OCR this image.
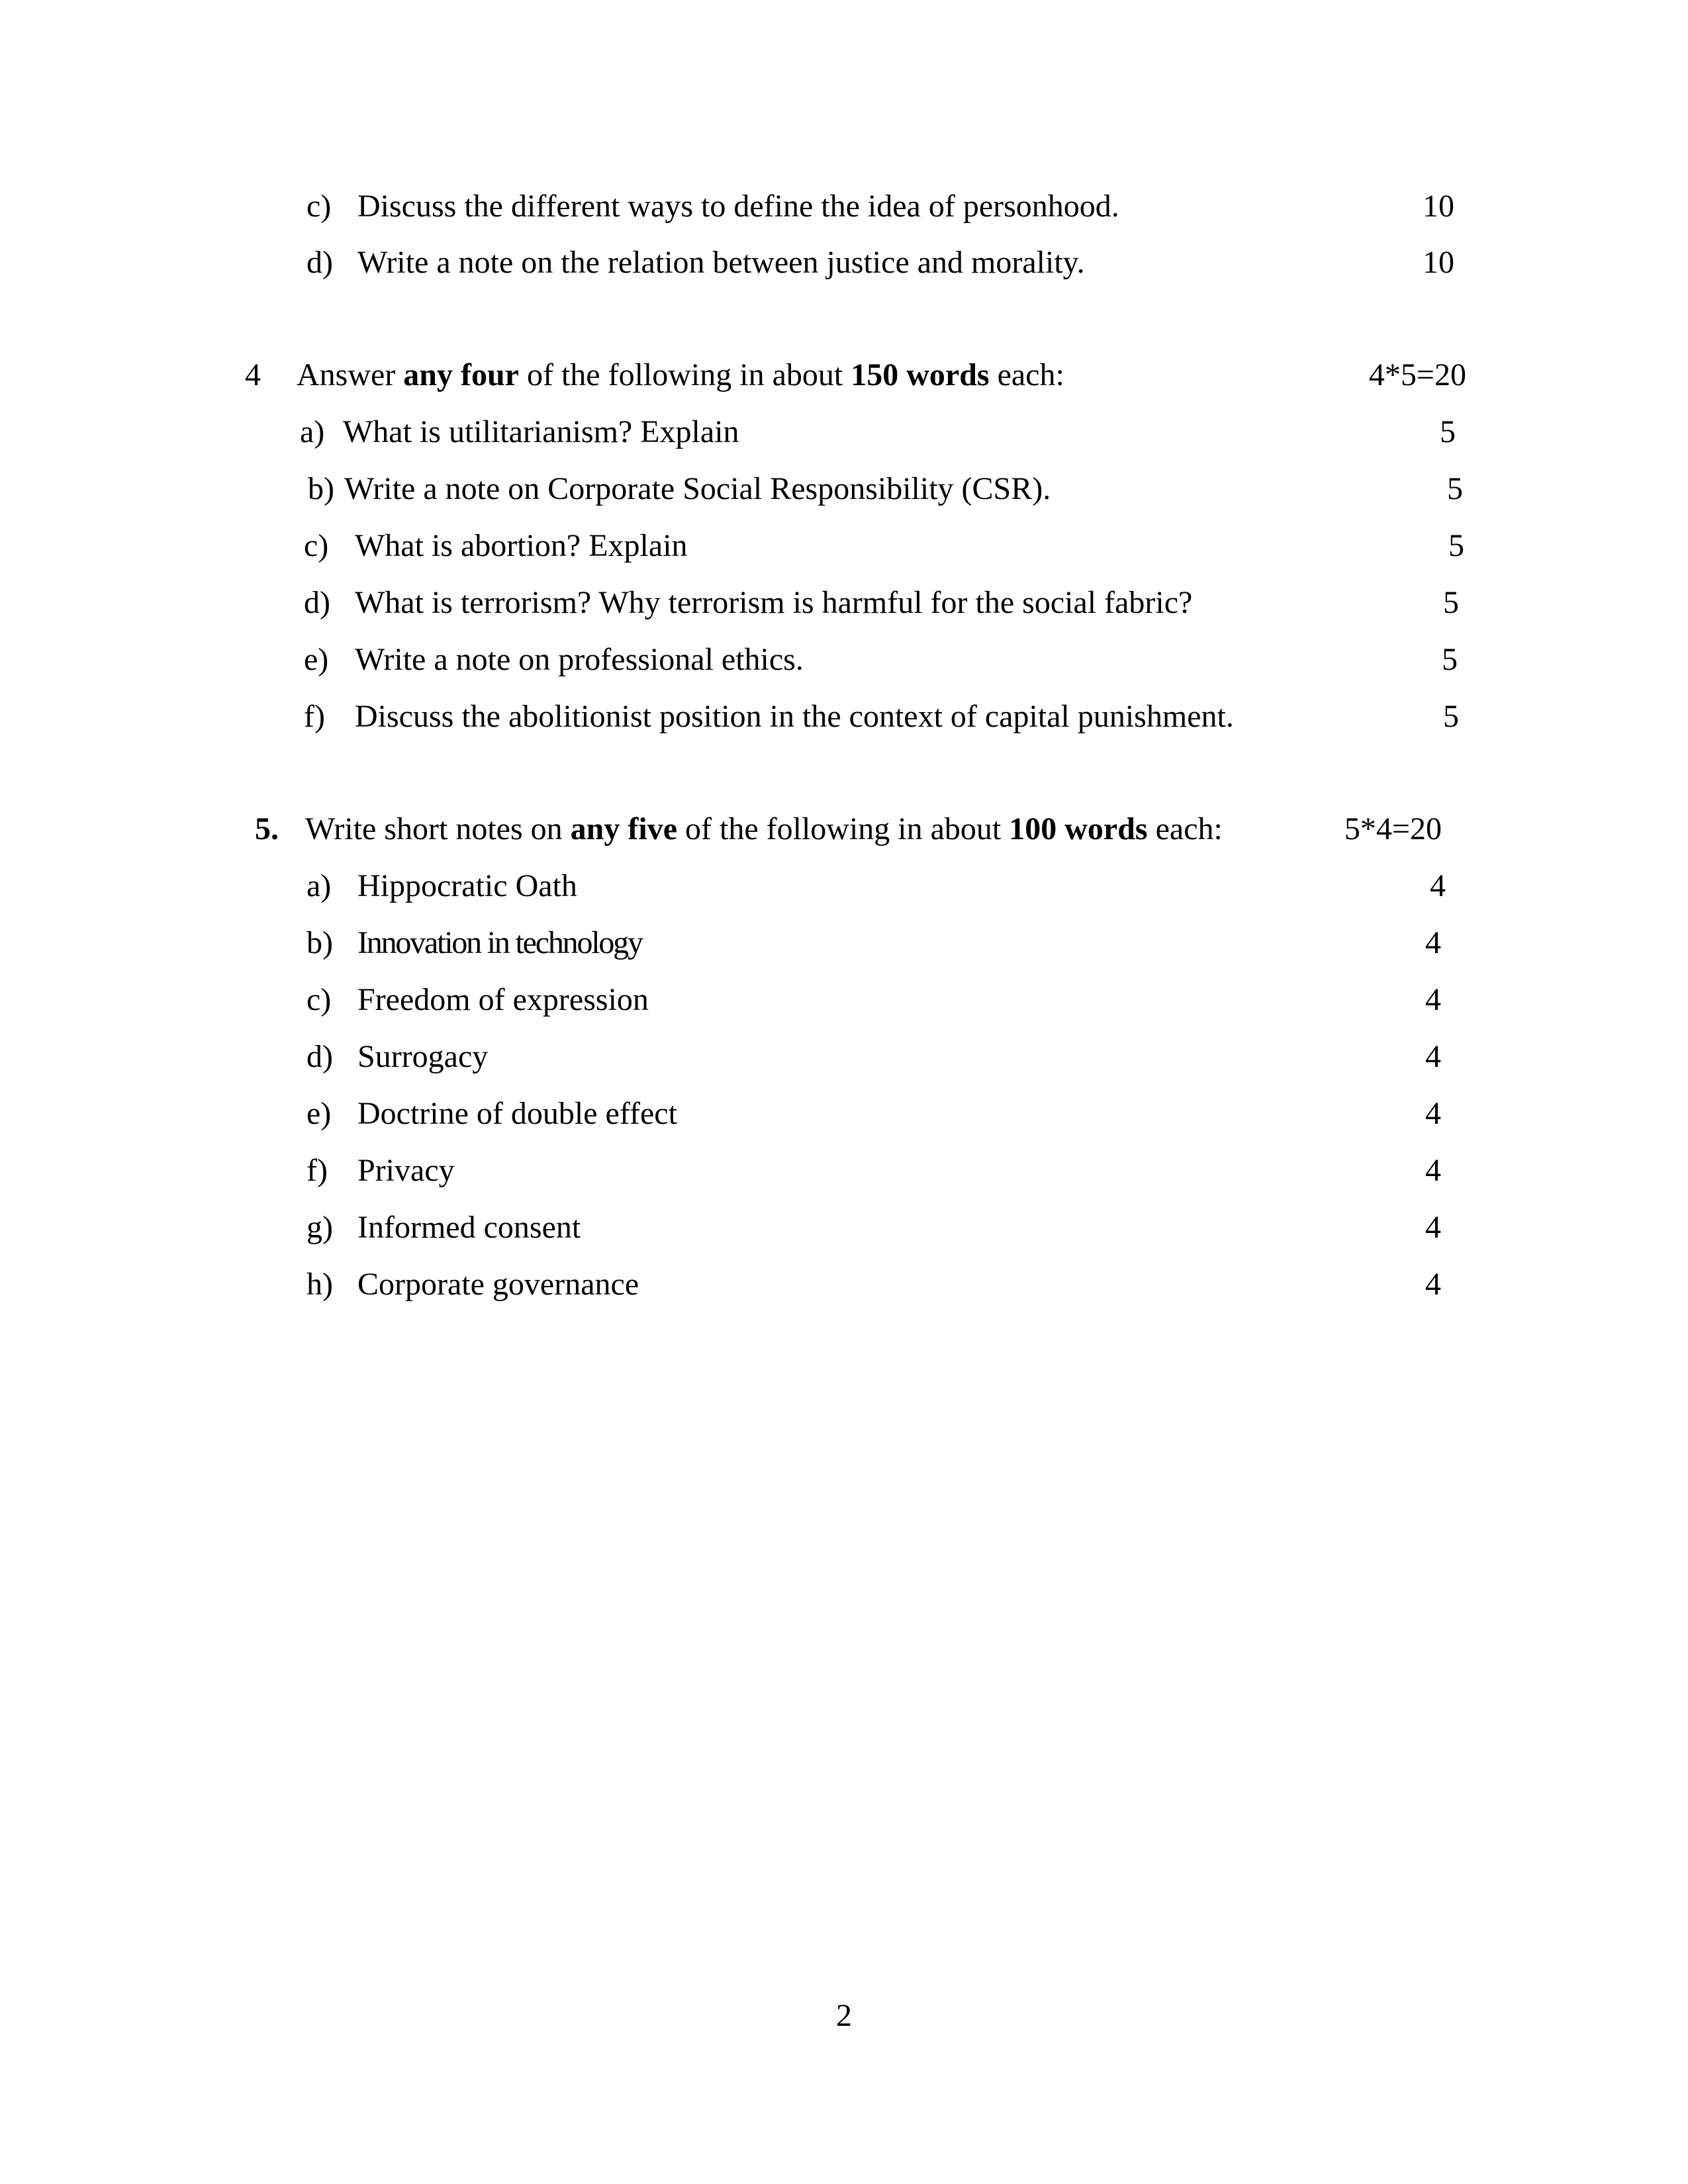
c) Discuss the different ways to define the idea of personhood.	10
d) Write a note on the relation between justice and morality.	10
4 Answer any four of the following in about 150 words each:	4*5=20
a) What is utilitarianism? Explain	5
b) Write a note on Corporate Social Responsibility (CSR).	5
c) What is abortion? Explain	5
d) What is terrorism? Why terrorism is harmful for the social fabric?	5
e) Write a note on professional ethics.	5
f) Discuss the abolitionist position in the context of capital punishment.	5
5. Write short notes on any five of the following in about 100 words each:	5*4=20
a) Hippocratic Oath	4
b) Innovation in technology	4
c) Freedom of expression	4
d) Surrogacy	4
e) Doctrine of double effect	4
f) Privacy	4
g) Informed consent	4
h) Corporate governance	4
2
